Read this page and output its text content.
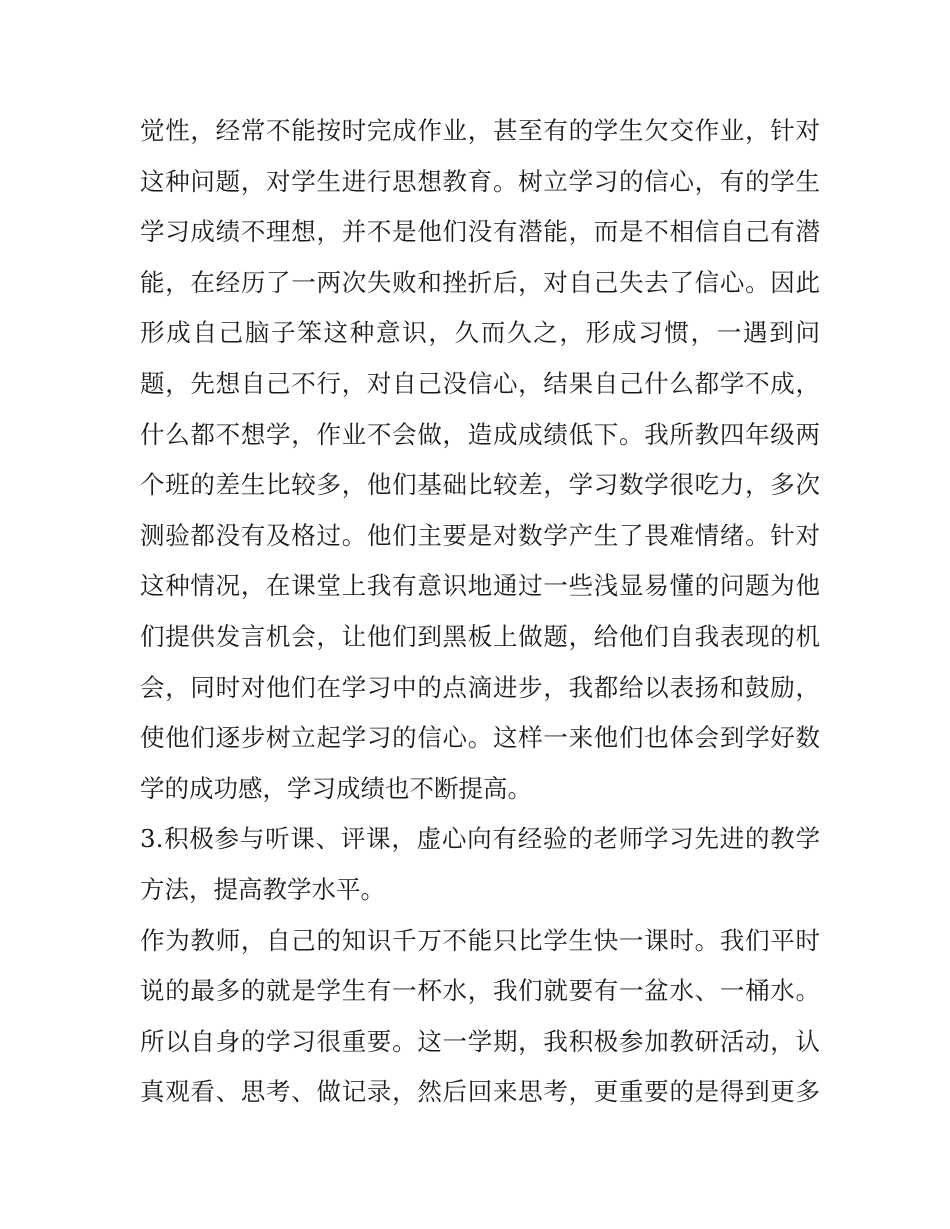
觉性，经常不能按时完成作业，甚至有的学生欠交作业，针对
这种问题，对学生进行思想教育。树立学习的信心，有的学生
学习成绩不理想，并不是他们没有潜能，而是不相信自己有潜
能，在经历了一两次失败和挫折后，对自己失去了信心。因此
形成自己脑子笨这种意识，久而久之，形成习惯，一遇到问
题，先想自己不行，对自己没信心，结果自己什么都学不成，
什么都不想学，作业不会做，造成成绩低下。我所教四年级两
个班的差生比较多，他们基础比较差，学习数学很吃力，多次
测验都没有及格过。他们主要是对数学产生了畏难情绪。针对
这种情况，在课堂上我有意识地通过一些浅显易懂的问题为他
们提供发言机会，让他们到黑板上做题，给他们自我表现的机
会，同时对他们在学习中的点滴进步，我都给以表扬和鼓励，
使他们逐步树立起学习的信心。这样一来他们也体会到学好数
学的成功感，学习成绩也不断提高。

3.积极参与听课、评课，虚心向有经验的老师学习先进的教学
方法，提高教学水平。

作为教师，自己的知识千万不能只比学生快一课时。我们平时
说的最多的就是学生有一杯水，我们就要有一盆水、一桶水。
所以自身的学习很重要。这一学期，我积极参加教研活动，认
真观看、思考、做记录，然后回来思考，更重要的是得到更多
